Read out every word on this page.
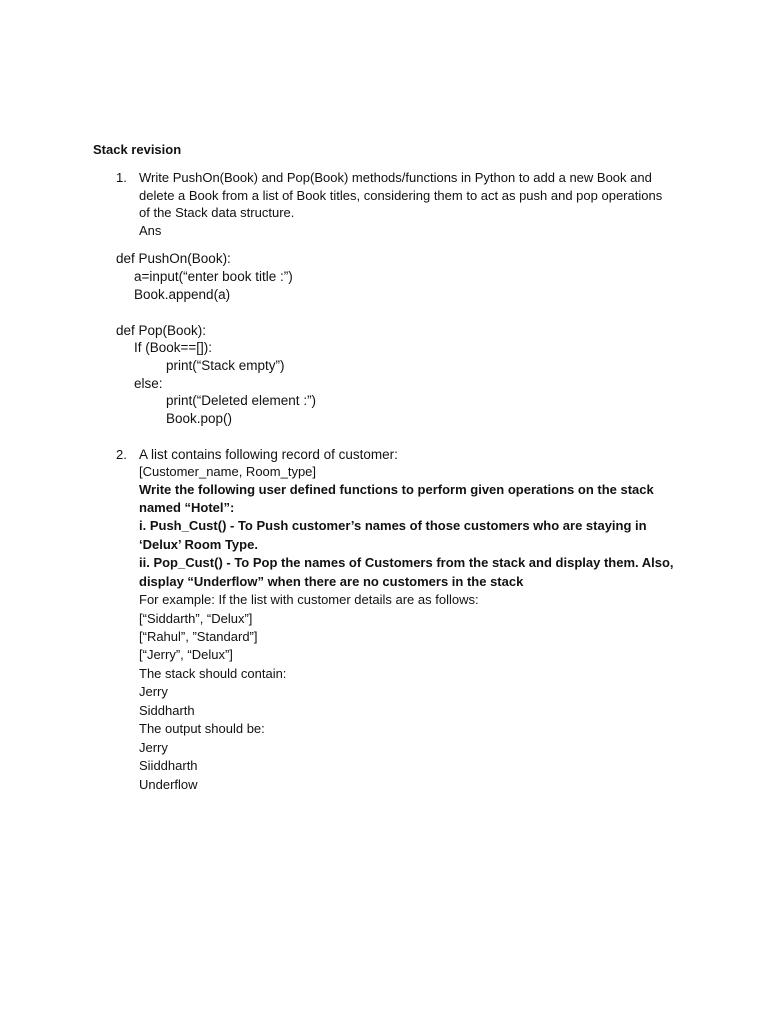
Stack revision
1. Write PushOn(Book) and Pop(Book) methods/functions in Python to add a new Book and
delete a Book from a list of Book titles, considering them to act as push and pop operations
of the Stack data structure.
Ans
def PushOn(Book):
a=input(“enter book title :”)
Book.append(a)
def Pop(Book):
If (Book==[]):
print(“Stack empty”)
else:
print(“Deleted element :”)
Book.pop()
2. A list contains following record of customer:
[Customer_name, Room_type]
Write the following user defined functions to perform given operations on the stack
named “Hotel”:
i. Push_Cust() - To Push customer’s names of those customers who are staying in
‘Delux’ Room Type.
ii. Pop_Cust() - To Pop the names of Customers from the stack and display them. Also,
display “Underflow” when there are no customers in the stack
For example: If the list with customer details are as follows:
[“Siddarth”, “Delux”]
[“Rahul”, ”Standard”]
[“Jerry”, “Delux”]
The stack should contain:
Jerry
Siddharth
The output should be:
Jerry
Siiddharth
Underflow
